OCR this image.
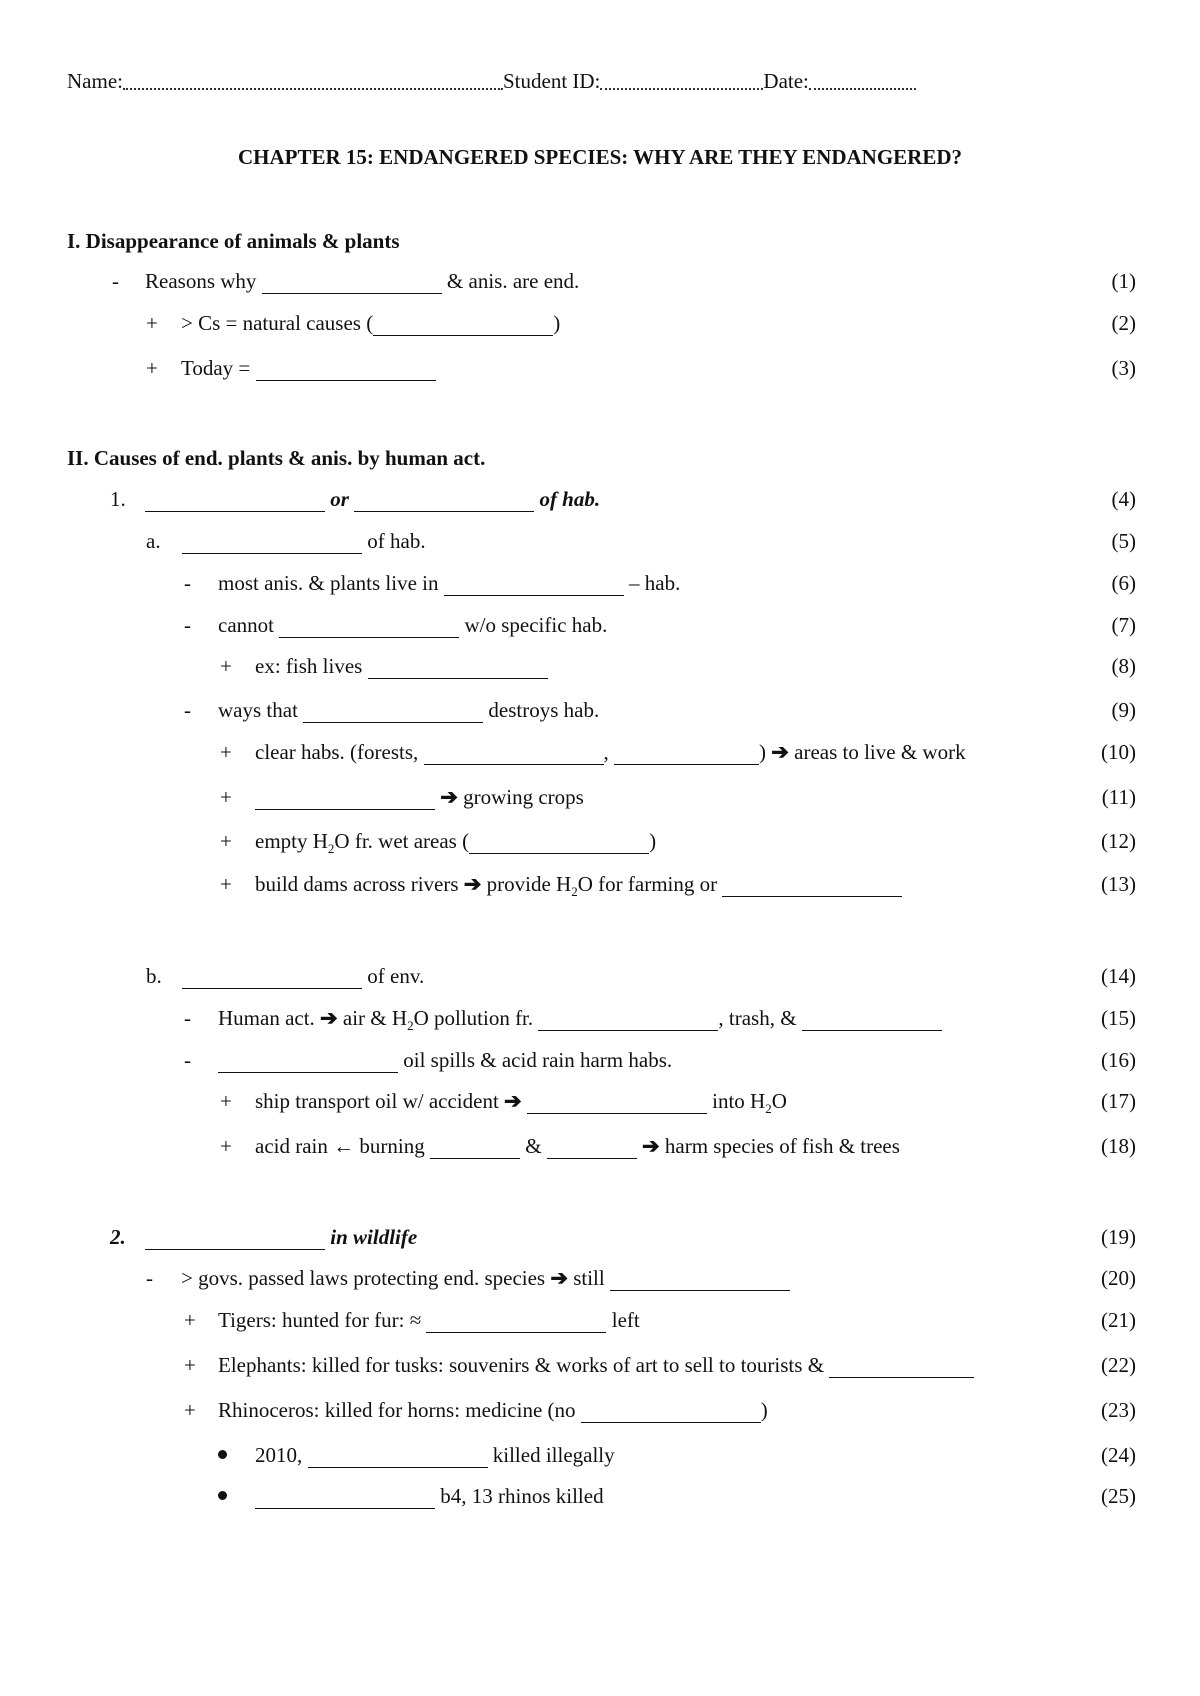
Name:	Student ID:	Date:
CHAPTER 15: ENDANGERED SPECIES: WHY ARE THEY ENDANGERED?
I. Disappearance of animals & plants
- Reasons why	& anis. are end.	(1)
+ > Cs = natural causes (	)	(2)
+ Today =	(3)
II. Causes of end. plants & anis. by human act.
1.	or	of hab.	(4)
a.	of hab.	(5)
- most anis. & plants live in	– hab.	(6)
- cannot	w/o specific hab.	(7)
+ ex: fish lives	(8)
- ways that	destroys hab.	(9)
+ clear habs. (forests,	,	) ➔ areas to live & work	(10)
+	➔ growing crops	(11)
+ empty $H_2O$ fr. wet areas (	)	(12)
+ build dams across rivers ➔ provide $H_2O$ for farming or	(13)
b.	of env.	(14)
- Human act. ➔ air & $H_2O$ pollution fr.	, trash, &	(15)
-	oil spills & acid rain harm habs.	(16)
+ ship transport oil w/ accident ➔	into $H_2O$	(17)
+ acid rain ← burning	&	➔ harm species of fish & trees	(18)
2.	in wildlife	(19)
- > govs. passed laws protecting end. species ➔ still	(20)
+ Tigers: hunted for fur: ≈	left	(21)
+ Elephants: killed for tusks: souvenirs & works of art to sell to tourists &	(22)
+ Rhinoceros: killed for horns: medicine (no	)	(23)
2010,	killed illegally	(24)
b4, 13 rhinos killed	(25)
